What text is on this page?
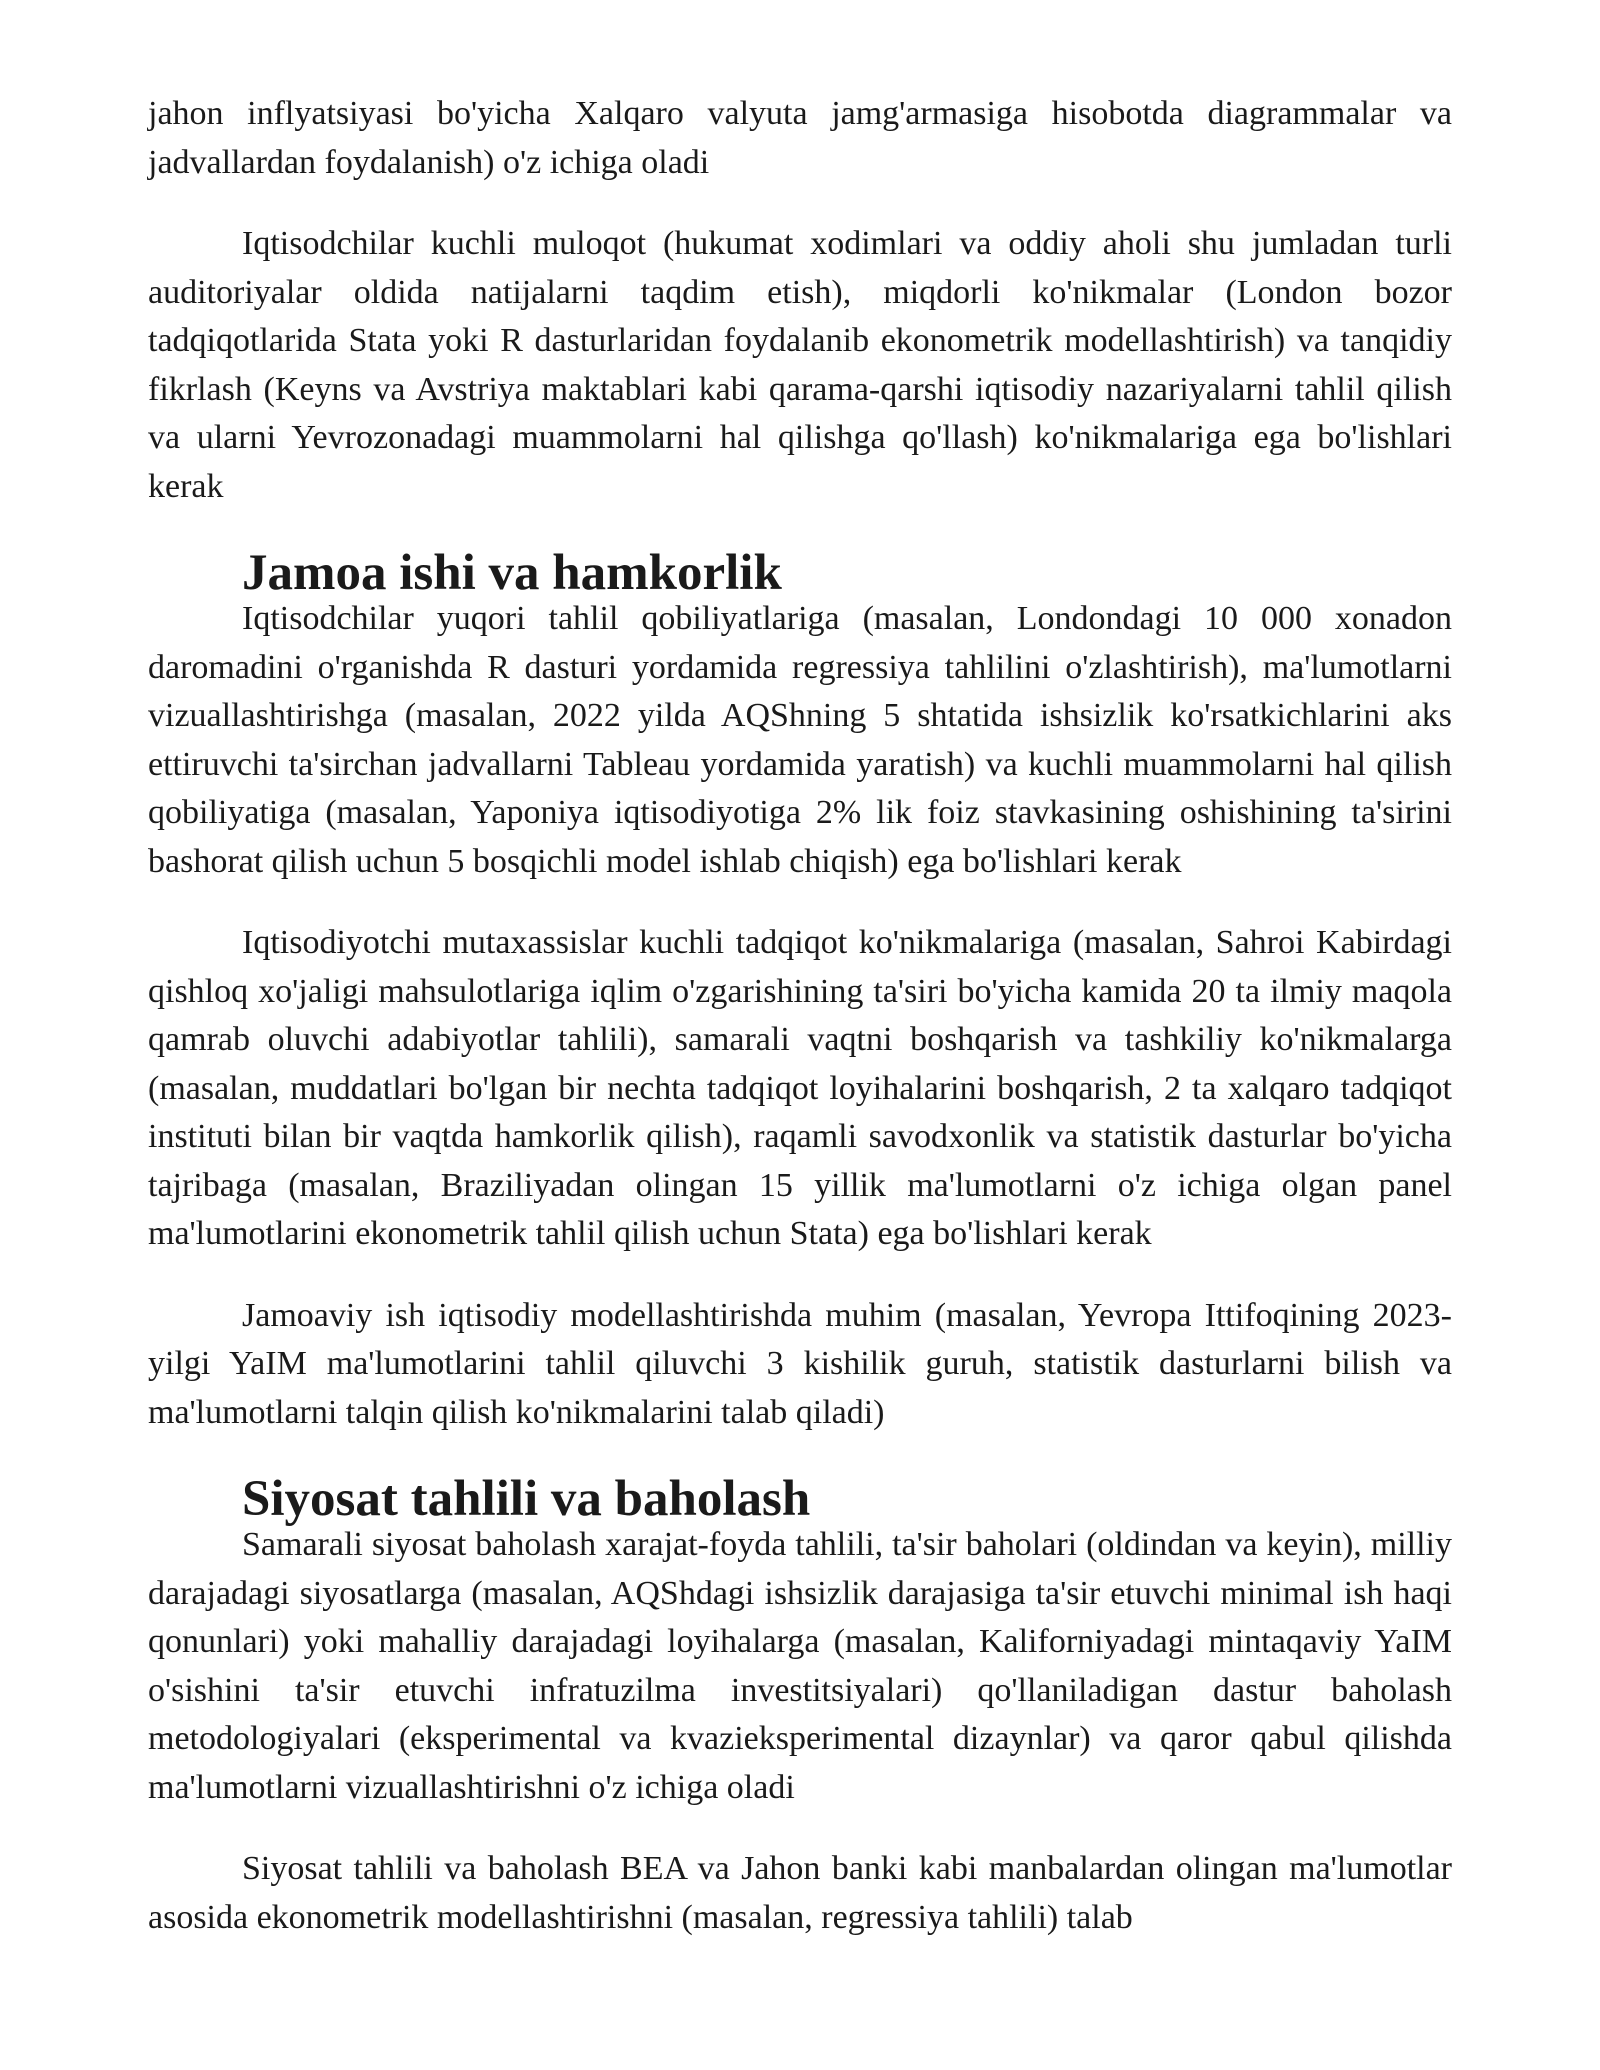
jahon inflyatsiyasi bo'yicha Xalqaro valyuta jamg'armasiga hisobotda diagrammalar va jadvallardan foydalanish) o'z ichiga oladi

Iqtisodchilar kuchli muloqot (hukumat xodimlari va oddiy aholi shu jumladan turli auditoriyalar oldida natijalarni taqdim etish), miqdorli ko'nikmalar (London bozor tadqiqotlarida Stata yoki R dasturlaridan foydalanib ekonometrik modellashtirish) va tanqidiy fikrlash (Keyns va Avstriya maktablari kabi qarama-qarshi iqtisodiy nazariyalarni tahlil qilish va ularni Yevrozonadagi muammolarni hal qilishga qo'llash) ko'nikmalariga ega bo'lishlari kerak

Jamoa ishi va hamkorlik

Iqtisodchilar yuqori tahlil qobiliyatlariga (masalan, Londondagi 10 000 xonadon daromadini o'rganishda R dasturi yordamida regressiya tahlilini o'zlashtirish), ma'lumotlarni vizuallashtirishga (masalan, 2022 yilda AQShning 5 shtatida ishsizlik ko'rsatkichlarini aks ettiruvchi ta'sirchan jadvallarni Tableau yordamida yaratish) va kuchli muammolarni hal qilish qobiliyatiga (masalan, Yaponiya iqtisodiyotiga 2% lik foiz stavkasining oshishining ta'sirini bashorat qilish uchun 5 bosqichli model ishlab chiqish) ega bo'lishlari kerak

Iqtisodiyotchi mutaxassislar kuchli tadqiqot ko'nikmalariga (masalan, Sahroi Kabirdagi qishloq xo'jaligi mahsulotlariga iqlim o'zgarishining ta'siri bo'yicha kamida 20 ta ilmiy maqola qamrab oluvchi adabiyotlar tahlili), samarali vaqtni boshqarish va tashkiliy ko'nikmalarga (masalan, muddatlari bo'lgan bir nechta tadqiqot loyihalarini boshqarish, 2 ta xalqaro tadqiqot instituti bilan bir vaqtda hamkorlik qilish), raqamli savodxonlik va statistik dasturlar bo'yicha tajribaga (masalan, Braziliyadan olingan 15 yillik ma'lumotlarni o'z ichiga olgan panel ma'lumotlarini ekonometrik tahlil qilish uchun Stata) ega bo'lishlari kerak

Jamoaviy ish iqtisodiy modellashtirishda muhim (masalan, Yevropa Ittifoqining 2023-yilgi YaIM ma'lumotlarini tahlil qiluvchi 3 kishilik guruh, statistik dasturlarni bilish va ma'lumotlarni talqin qilish ko'nikmalarini talab qiladi)

Siyosat tahlili va baholash

Samarali siyosat baholash xarajat-foyda tahlili, ta'sir baholari (oldindan va keyin), milliy darajadagi siyosatlarga (masalan, AQShdagi ishsizlik darajasiga ta'sir etuvchi minimal ish haqi qonunlari) yoki mahalliy darajadagi loyihalarga (masalan, Kaliforniyadagi mintaqaviy YaIM o'sishini ta'sir etuvchi infratuzilma investitsiyalari) qo'llaniladigan dastur baholash metodologiyalari (eksperimental va kvazieksperimental dizaynlar) va qaror qabul qilishda ma'lumotlarni vizuallashtirishni o'z ichiga oladi

Siyosat tahlili va baholash BEA va Jahon banki kabi manbalardan olingan ma'lumotlar asosida ekonometrik modellashtirishni (masalan, regressiya tahlili) talab
